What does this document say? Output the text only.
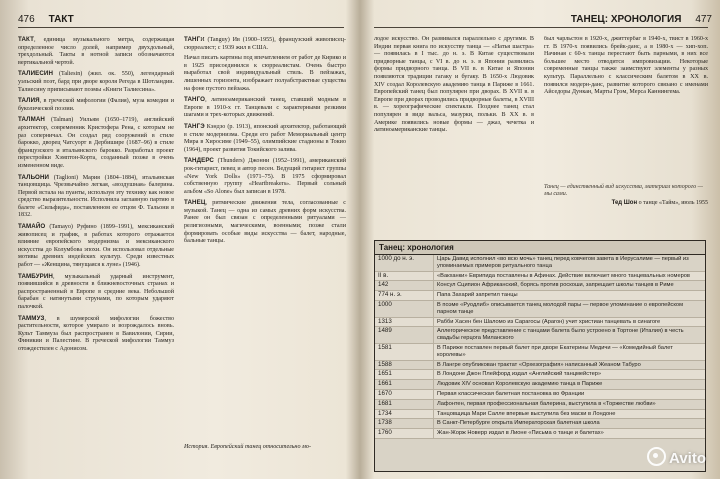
476 ТАКТ
ТАКТ, единица музыкального метра, содержащая определенное число долей, например двухдольный, трехдольный. Такты в нотной записи обозначаются вертикальной чертой.
ТАЛИЕСИН (Taliesin) (жил. ок. 550), легендарный уэльский поэт, бард при дворе короля Регеда в Шотландии. Талиесину приписывают поэмы «Книги Талиесина».
ТАЛИЯ, в греческой мифологии (Фалия), муза комедии и буколической поэзии.
ТАЛМАН (Talman) Уильям (1650–1719), английский архитектор, современник Кристофера Рена, с которым не раз соперничал. Он создал ряд сооружений в стиле барокко, дворец Чатсуорт в Дербишире (1687–96) в стиле французского и итальянского барокко. Разработал проект перестройки Хэмптон-Корта, созданный позже в очень измененном виде.
ТАЛЬОНИ (Taglioni) Мария (1804–1884), итальянская танцовщица. Чрезвычайно легкая, «воздушная» балерина. Первой встала на пуанты, используя эту технику как новое средство выразительности. Исполнила заглавную партию в балете «Сильфида», поставленном ее отцом Ф. Тальони в 1832.
ТАМАЙО (Tamayo) Руфино (1899–1991), мексиканский живописец и график, в работах которого отражается влияние европейского модернизма и мексиканского искусства до Колумбова эпохи. Он использовал отдельные мотивы древних индейских культур. Среди известных работ — «Женщина, тянущаяся к луне» (1946).
ТАМБУРИН, музыкальный ударный инструмент, появившийся в древности в ближневосточных странах и распространенный в Европе в средние века. Небольшой барабан с натянутыми струнами, по которым ударяют палочкой.
ТАММУЗ, в шумерской мифологии божество растительности, которое умирало и возрождалось вновь. Культ Таммуза был распространен в Вавилонии, Сирии, Финикии и Палестине. В греческой мифологии Таммуз отождествлен с Адонисом.
ТАНГИ (Tanguy) Ив (1900–1955), французский живописец-сюрреалист; с 1939 жил в США.
Начал писать картины под впечатлением от работ де Кирико и в 1925 присоединился к сюрреалистам. Очень быстро выработал свой индивидуальный стиль. В пейзажах, лишенных горизонта, изображает полуабстрактные существа на фоне пустого пейзажа.
ТАНГО, латиноамериканский танец, ставший модным в Европе в 1910-х гг. Танцевали с характерными резкими шагами и трех-которых движений.
ТАНГЭ Кэндзо (р. 1913), японский архитектор, работающий в стиле модернизма. Среди его работ Мемориальный центр Мира в Хиросиме (1949–55), олимпийские стадионы в Токио (1964), проект развития Токийского залива.
ТАНДЕРС (Thunders) Джонни (1952–1991), американский рок-гитарист, певец и автор песен. Ведущий гитарист группы «New York Dolls» (1971–75). В 1975 сформировал собственную группу «Heartbreakers». Первый сольный альбом «So Alone» был записан в 1978.
ТАНЕЦ, ритмические движения тела, согласованные с музыкой. Танец — одна из самых древних форм искусства. Ранее он был связан с определенными ритуалами — религиозными, магическими, военными; позже стали формировать особые виды искусства — балет, народные, бальные танцы.
История. Европейский танец относительно мо-
ТАНЕЦ: ХРОНОЛОГИЯ 477
лодое искусство. Он развивался параллельно с другими. В Индии первая книга по искусству танца — «Натья шастра» — появилась в I тыс. до н. э. В Китае существовали придворные танцы, с VI в. до н. э. в Японии развились формы придворного танца. В VII в. в Китае и Японии появляются традиции гагаку и бугаку. В 1650-х Людовик XIV создал Королевскую академию танца в Париже в 1661. Европейский танец был популярен при дворах. В XVII в. в Европе при дворах проводились придворные балеты, в XVIII в. — хореографические спектакли. Позднее танец стал популярен в виде вальса, мазурки, польки. В XX в. в Америке появились новые формы — джаз, чечетка и латиноамериканские танцы.
был чарльстон в 1920-х, джиттербаг в 1940-х, твист в 1960-х гг. В 1970-х появились брейк-данс, а в 1980-х — хип-хоп. Начиная с 60-х танцы перестают быть парными, в них все большее место отводится импровизации. Некоторые современные танцы также заимствуют элементы у разных культур. Параллельно с классическим балетом в XX в. появился модерн-данс, развитие которого связано с именами Айседоры Дункан, Марты Грэм, Мерса Каннингема.
Танец — единственный вид искусства, материал которого — мы сами.
Тед Шон о танце «Тайм», июль 1955
Танец: хронология
1000 до н. э.	Царь Давид исполнил «во всю мочь» танец перед ковчегом завета в Иерусалиме — первый из упоминаемых примеров ритуального танца
II в.	«Вакханки» Еврипида поставлены в Афинах. Действие включает много танцевальных номеров
142	Консул Сципион Африканский, борясь против роскоши, запрещает школы танцев в Риме
774 н. э.	Папа Захарий запретил танцы
1000	В поэме «Руодлиб» описывается танец молодой пары — первое упоминание о европейском парном танце
1313	Рабби Хасен бен Шаломо из Сарагосы (Арагон) учит христиан танцевать в синагоге
1489	Аллегорическое представление с танцами балета было устроено в Тортоне (Италия) в честь свадьбы герцога Миланского
1581	В Париже поставлен первый балет при дворе Екатерины Медичи — «Комедийный балет королевы»
1588	В Лангре опубликован трактат «Орхезография» написанный Жеаном Табуро
1651	В Лондоне Джон Плейфорд издал «Английский танцмейстер»
1661	Людовик XIV основал Королевскую академию танца в Париже
1670	Первая классическая балетная постановка во Франции
1681	Лафонтен, первая профессиональная балерина, выступила в «Торжестве любви»
1734	Танцовщица Мари Салле впервые выступила без маски в Лондоне
1738	В Санкт-Петербурге открыта Императорская балетная школа
1760	Жан-Жорж Новерр издал в Лионе «Письма о танце и балетах»
Avito
